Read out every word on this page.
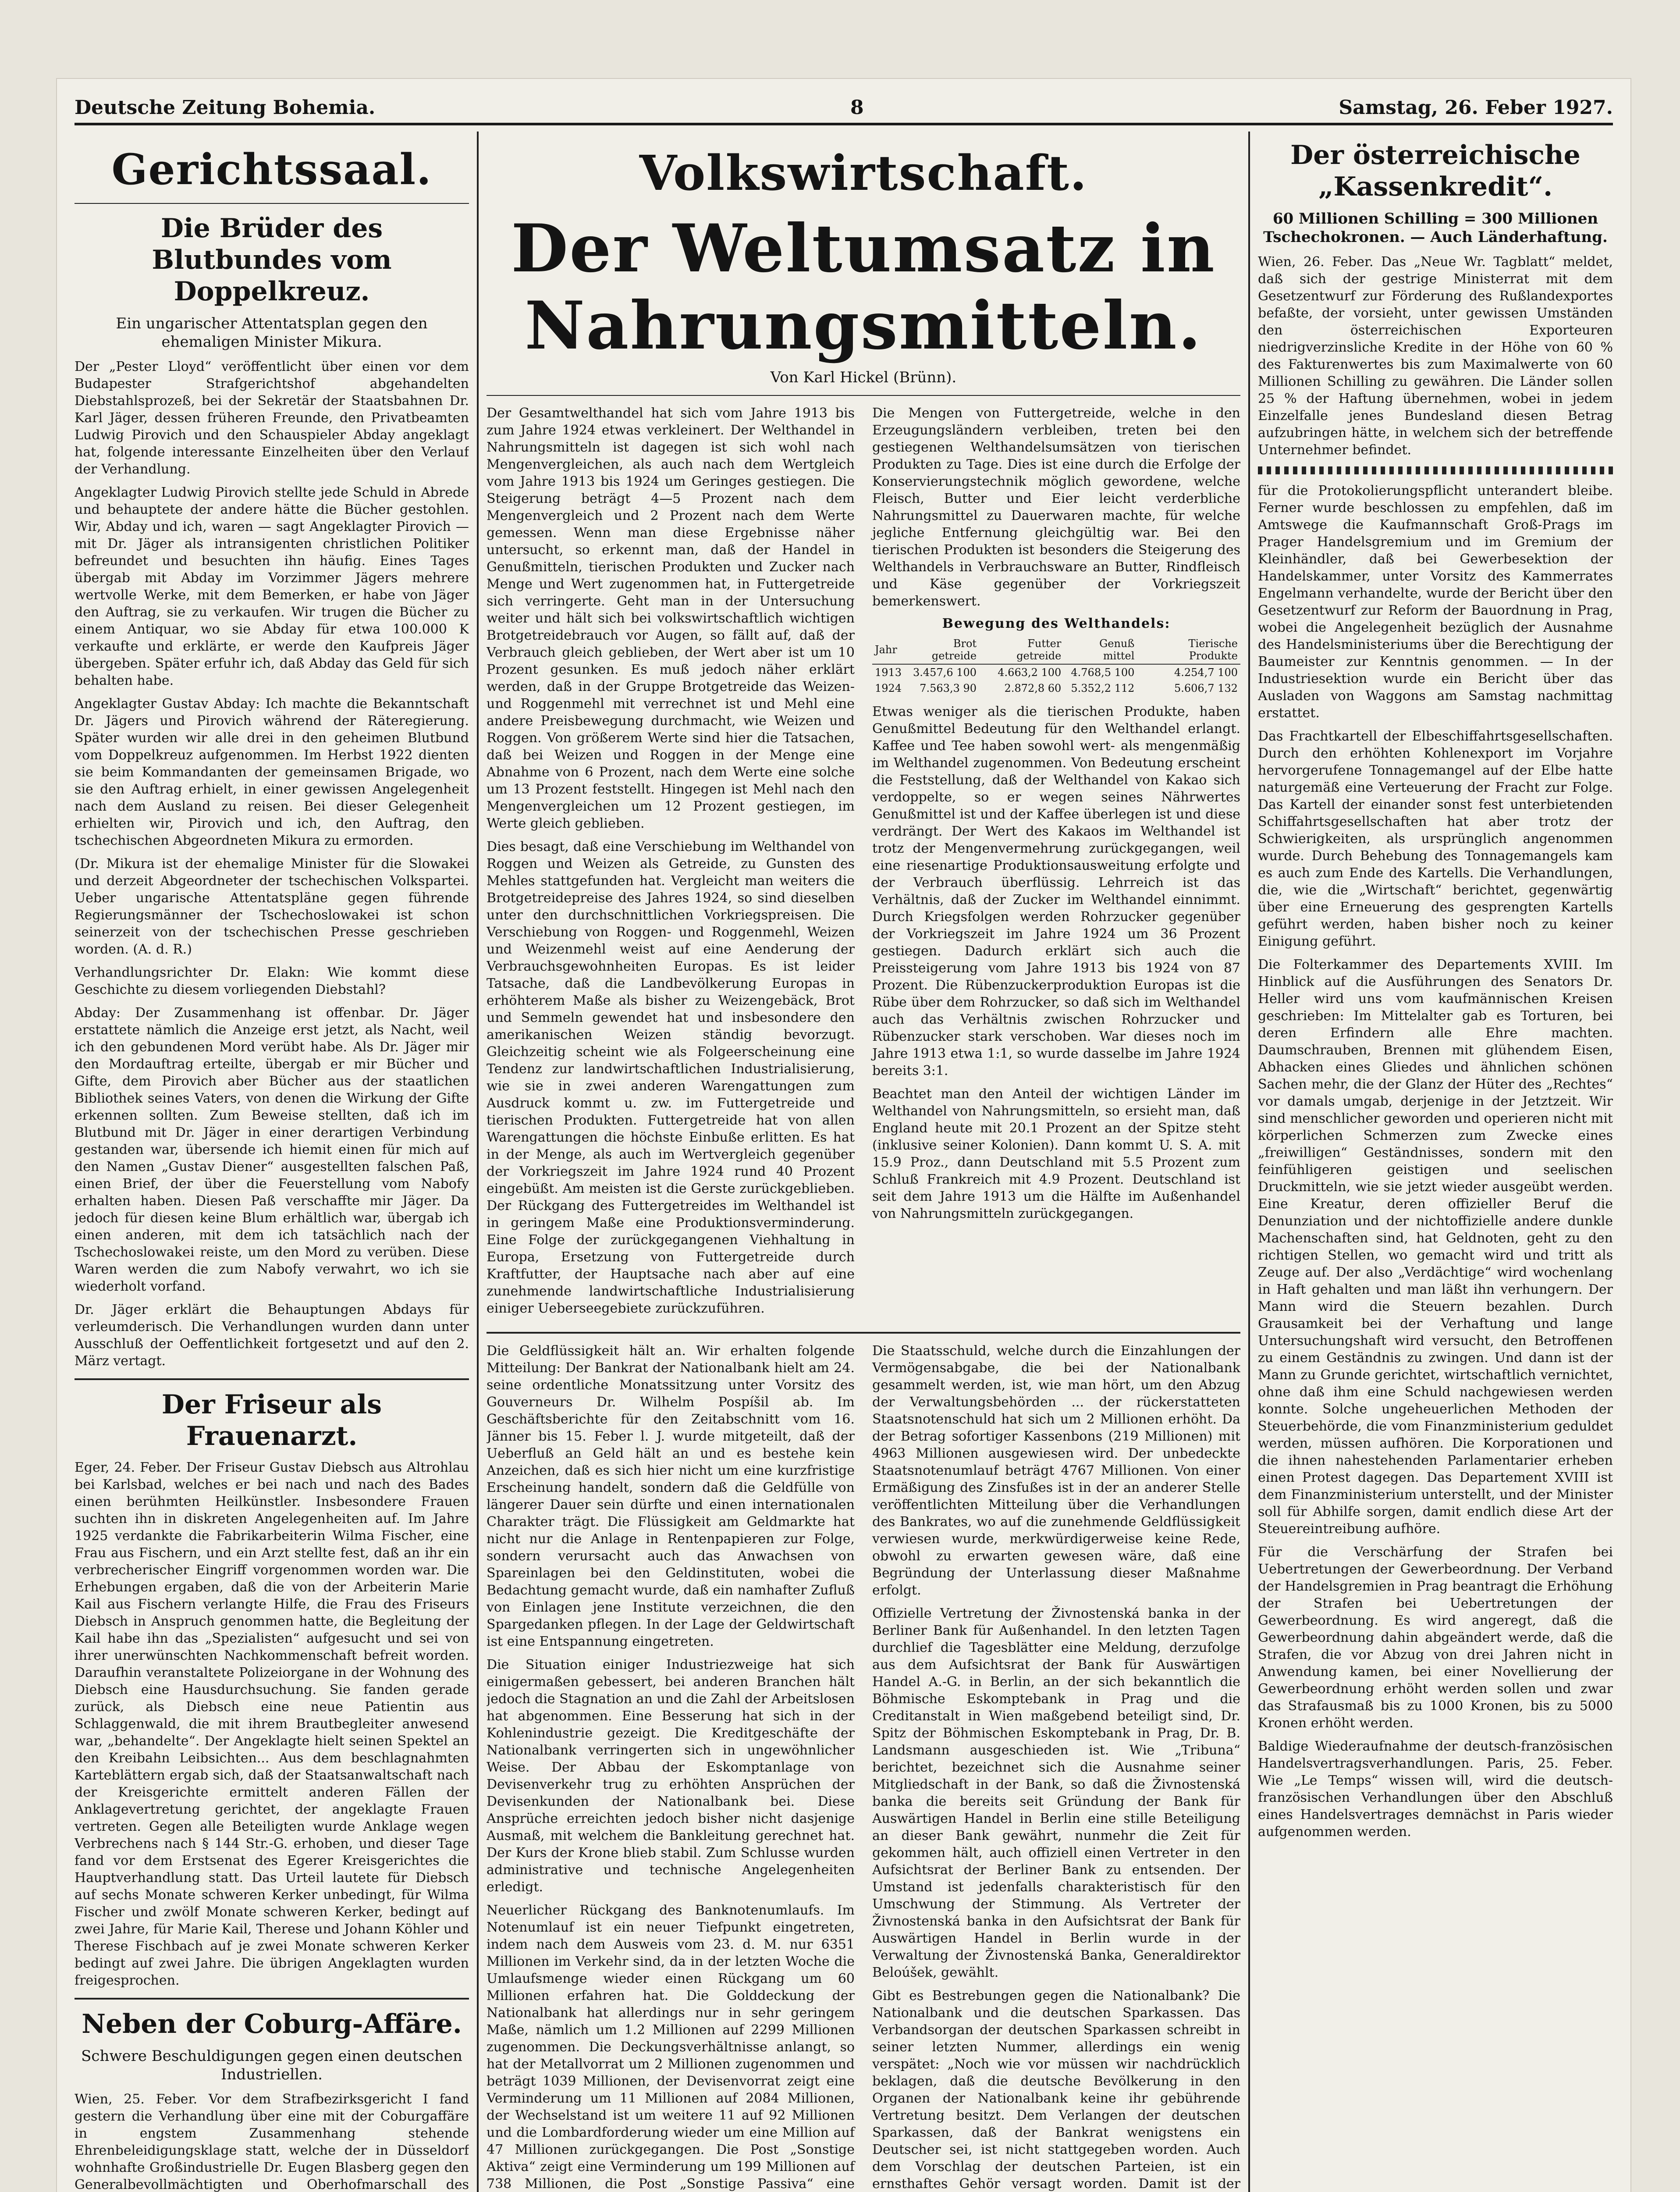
Deutsche Zeitung Bohemia.	8	Samstag, 26. Feber 1927.
Gerichtssaal.
Die Brüder des Blutbundes vom Doppelkreuz.
Ein ungarischer Attentatsplan gegen den ehemaligen Minister Mikura.

Der „Pester Lloyd“ veröffentlicht über einen vor dem Budapester Strafgerichtshof abgehandelten Diebstahlsprozeß, bei der Sekretär der Staatsbahnen Dr. Karl Jäger, dessen früheren Freunde, den Privatbeamten Ludwig Pirovich und den Schauspieler Abday angeklagt hat, folgende interessante Einzelheiten über den Verlauf der Verhandlung.

Angeklagter Ludwig Pirovich stellte jede Schuld in Abrede und behauptete der andere hätte die Bücher gestohlen. Wir, Abday und ich, waren — sagt Angeklagter Pirovich — mit Dr. Jäger als intransigenten christlichen Politiker befreundet und besuchten ihn häufig. Eines Tages übergab mit Abday im Vorzimmer Jägers mehrere wertvolle Werke, mit dem Bemerken, er habe von Jäger den Auftrag, sie zu verkaufen. Wir trugen die Bücher zu einem Antiquar, wo sie Abday für etwa 100.000 K verkaufte und erklärte, er werde den Kaufpreis Jäger übergeben. Später erfuhr ich, daß Abday das Geld für sich behalten habe.

Angeklagter Gustav Abday: Ich machte die Bekanntschaft Dr. Jägers und Pirovich während der Räteregierung. Später wurden wir alle drei in den geheimen Blutbund vom Doppelkreuz aufgenommen. Im Herbst 1922 dienten sie beim Kommandanten der gemeinsamen Brigade, wo sie den Auftrag erhielt, in einer gewissen Angelegenheit nach dem Ausland zu reisen. Bei dieser Gelegenheit erhielten wir, Pirovich und ich, den Auftrag, den tschechischen Abgeordneten Mikura zu ermorden.

(Dr. Mikura ist der ehemalige Minister für die Slowakei und derzeit Abgeordneter der tschechischen Volkspartei. Ueber ungarische Attentatspläne gegen führende Regierungsmänner der Tschechoslowakei ist schon seinerzeit von der tschechischen Presse geschrieben worden. (A. d. R.)

Verhandlungsrichter Dr. Elakn: Wie kommt diese Geschichte zu diesem vorliegenden Diebstahl?

Abday: Der Zusammenhang ist offenbar. Dr. Jäger erstattete nämlich die Anzeige erst jetzt, als Nacht, weil ich den gebundenen Mord verübt habe. Als Dr. Jäger mir den Mordauftrag erteilte, übergab er mir Bücher und Gifte, dem Pirovich aber Bücher aus der staatlichen Bibliothek seines Vaters, von denen die Wirkung der Gifte erkennen sollten. Zum Beweise stellten, daß ich im Blutbund mit Dr. Jäger in einer derartigen Verbindung gestanden war, übersende ich hiemit einen für mich auf den Namen „Gustav Diener“ ausgestellten falschen Paß, einen Brief, der über die Feuerstellung vom Nabofy erhalten haben. Diesen Paß verschaffte mir Jäger. Da jedoch für diesen keine Blum erhältlich war, übergab ich einen anderen, mit dem ich tatsächlich nach der Tschechoslowakei reiste, um den Mord zu verüben. Diese Waren werden die zum Nabofy verwahrt, wo ich sie wiederholt vorfand.

Dr. Jäger erklärt die Behauptungen Abdays für verleumderisch. Die Verhandlungen wurden dann unter Ausschluß der Oeffentlichkeit fortgesetzt und auf den 2. März vertagt.

Der Friseur als Frauenarzt.

Eger, 24. Feber. Der Friseur Gustav Diebsch aus Altrohlau bei Karlsbad, welches er bei nach und nach des Bades einen berühmten Heilkünstler. Insbesondere Frauen suchten ihn in diskreten Angelegenheiten auf. Im Jahre 1925 verdankte die Fabrikarbeiterin Wilma Fischer, eine Frau aus Fischern, und ein Arzt stellte fest, daß an ihr ein verbrecherischer Eingriff vorgenommen worden war. Die Erhebungen ergaben, daß die von der Arbeiterin Marie Kail aus Fischern verlangte Hilfe, die Frau des Friseurs Diebsch in Anspruch genommen hatte, die Begleitung der Kail habe ihn das „Spezialisten“ aufgesucht und sei von ihrer unerwünschten Nachkommenschaft befreit worden. Daraufhin veranstaltete Polizeiorgane in der Wohnung des Diebsch eine Hausdurchsuchung. Sie fanden gerade zurück, als Diebsch eine neue Patientin aus Schlaggenwald, die mit ihrem Brautbegleiter anwesend war, „behandelte“. Der Angeklagte hielt seinen Spektel an den Kreibahn Leibsichten... Aus dem beschlagnahmten Karteblättern ergab sich, daß der Staatsanwaltschaft nach der Kreisgerichte ermittelt anderen Fällen der Anklagevertretung gerichtet, der angeklagte Frauen vertreten. Gegen alle Beteiligten wurde Anklage wegen Verbrechens nach § 144 Str.-G. erhoben, und dieser Tage fand vor dem Erstsenat des Egerer Kreisgerichtes die Hauptverhandlung statt. Das Urteil lautete für Diebsch auf sechs Monate schweren Kerker unbedingt, für Wilma Fischer und zwölf Monate schweren Kerker, bedingt auf zwei Jahre, für Marie Kail, Therese und Johann Köhler und Therese Fischbach auf je zwei Monate schweren Kerker bedingt auf zwei Jahre. Die übrigen Angeklagten wurden freigesprochen.

Neben der Coburg-Affäre.
Schwere Beschuldigungen gegen einen deutschen Industriellen.

Wien, 25. Feber. Vor dem Strafbezirksgericht I fand gestern die Verhandlung über eine mit der Coburgaffäre in engstem Zusammenhang stehende Ehrenbeleidigungsklage statt, welche der in Düsseldorf wohnhafte Großindustrielle Dr. Eugen Blasberg gegen den Generalbevollmächtigten und Oberhofmarschall des

Volkswirtschaft.
Der Weltumsatz in Nahrungsmitteln.
Von Karl Hickel (Brünn).

Der Gesamtwelthandel hat sich vom Jahre 1913 bis zum Jahre 1924 etwas verkleinert. Der Welthandel in Nahrungsmitteln ist dagegen ist sich wohl nach Mengenvergleichen, als auch nach dem Wertgleich vom Jahre 1913 bis 1924 um Geringes gestiegen. Die Steigerung beträgt 4—5 Prozent nach dem Mengenvergleich und 2 Prozent nach dem Werte gemessen. Wenn man diese Ergebnisse näher untersucht, so erkennt man, daß der Handel in Genußmitteln, tierischen Produkten und Zucker nach Menge und Wert zugenommen hat, in Futtergetreide sich verringerte. Geht man in der Untersuchung weiter und hält sich bei volkswirtschaftlich wichtigen Brotgetreidebrauch vor Augen, so fällt auf, daß der Verbrauch gleich geblieben, der Wert aber ist um 10 Prozent gesunken. Es muß jedoch näher erklärt werden, daß in der Gruppe Brotgetreide das Weizen- und Roggenmehl mit verrechnet ist und Mehl eine andere Preisbewegung durchmacht, wie Weizen und Roggen. Von größerem Werte sind hier die Tatsachen, daß bei Weizen und Roggen in der Menge eine Abnahme von 6 Prozent, nach dem Werte eine solche um 13 Prozent feststellt. Hingegen ist Mehl nach den Mengenvergleichen um 12 Prozent gestiegen, im Werte gleich geblieben.

Dies besagt, daß eine Verschiebung im Welthandel von Roggen und Weizen als Getreide, zu Gunsten des Mehles stattgefunden hat. Vergleicht man weiters die Brotgetreidepreise des Jahres 1924, so sind dieselben unter den durchschnittlichen Vorkriegspreisen. Die Verschiebung von Roggen- und Roggenmehl, Weizen und Weizenmehl weist auf eine Aenderung der Verbrauchsgewohnheiten Europas. Es ist leider Tatsache, daß die Landbevölkerung Europas in erhöhterem Maße als bisher zu Weizengebäck, Brot und Semmeln gewendet hat und insbesondere den amerikanischen Weizen ständig bevorzugt. Gleichzeitig scheint wie als Folgeerscheinung eine Tendenz zur landwirtschaftlichen Industrialisierung, wie sie in zwei anderen Warengattungen zum Ausdruck kommt u. zw. im Futtergetreide und tierischen Produkten. Futtergetreide hat von allen Warengattungen die höchste Einbuße erlitten. Es hat in der Menge, als auch im Wertvergleich gegenüber der Vorkriegszeit im Jahre 1924 rund 40 Prozent eingebüßt. Am meisten ist die Gerste zurückgeblieben. Der Rückgang des Futtergetreides im Welthandel ist in geringem Maße eine Produktionsverminderung. Eine Folge der zurückgegangenen Viehhaltung in Europa, Ersetzung von Futtergetreide durch Kraftfutter, der Hauptsache nach aber auf eine zunehmende landwirtschaftliche Industrialisierung einiger Ueberseegebiete zurückzuführen.

Die Mengen von Futtergetreide, welche in den Erzeugungsländern verbleiben, treten bei den gestiegenen Welthandelsumsätzen von tierischen Produkten zu Tage. Dies ist eine durch die Erfolge der Konservierungstechnik möglich gewordene, welche Fleisch, Butter und Eier leicht verderbliche Nahrungsmittel zu Dauerwaren machte, für welche jegliche Entfernung gleichgültig war. Bei den tierischen Produkten ist besonders die Steigerung des Welthandels in Verbrauchsware an Butter, Rindfleisch und Käse gegenüber der Vorkriegszeit bemerkenswert.

Bewegung des Welthandels:
Jahr	Brot getreide	Futter getreide	Genuß mittel	Tierische Produkte
1913	3.457,6 100	4.663,2 100	4.768,5 100	4.254,7 100
1924	7.563,3 90	2.872,8 60	5.352,2 112	5.606,7 132

Etwas weniger als die tierischen Produkte, haben Genußmittel Bedeutung für den Welthandel erlangt. Kaffee und Tee haben sowohl wert- als mengenmäßig im Welthandel zugenommen. Von Bedeutung erscheint die Feststellung, daß der Welthandel von Kakao sich verdoppelte, so er wegen seines Nährwertes Genußmittel ist und der Kaffee überlegen ist und diese verdrängt. Der Wert des Kakaos im Welthandel ist trotz der Mengenvermehrung zurückgegangen, weil eine riesenartige Produktionsausweitung erfolgte und der Verbrauch überflüssig. Lehrreich ist das Verhältnis, daß der Zucker im Welthandel einnimmt. Durch Kriegsfolgen werden Rohrzucker gegenüber der Vorkriegszeit im Jahre 1924 um 36 Prozent gestiegen. Dadurch erklärt sich auch die Preissteigerung vom Jahre 1913 bis 1924 von 87 Prozent. Die Rübenzuckerproduktion Europas ist die Rübe über dem Rohrzucker, so daß sich im Welthandel auch das Verhältnis zwischen Rohrzucker und Rübenzucker stark verschoben. War dieses noch im Jahre 1913 etwa 1:1, so wurde dasselbe im Jahre 1924 bereits 3:1.

Beachtet man den Anteil der wichtigen Länder im Welthandel von Nahrungsmitteln, so ersieht man, daß England heute mit 20.1 Prozent an der Spitze steht (inklusive seiner Kolonien). Dann kommt U. S. A. mit 15.9 Proz., dann Deutschland mit 5.5 Prozent zum Schluß Frankreich mit 4.9 Prozent. Deutschland ist seit dem Jahre 1913 um die Hälfte im Außenhandel von Nahrungsmitteln zurückgegangen.

Die Geldflüssigkeit hält an. Wir erhalten folgende Mitteilung: Der Bankrat der Nationalbank hielt am 24. seine ordentliche Monatssitzung unter Vorsitz des Gouverneurs Dr. Wilhelm Pospíšil ab. Im Geschäftsberichte für den Zeitabschnitt vom 16. Jänner bis 15. Feber l. J. wurde mitgeteilt, daß der Ueberfluß an Geld hält an und es bestehe kein Anzeichen, daß es sich hier nicht um eine kurzfristige Erscheinung handelt, sondern daß die Geldfülle von längerer Dauer sein dürfte und einen internationalen Charakter trägt. Die Flüssigkeit am Geldmarkte hat nicht nur die Anlage in Rentenpapieren zur Folge, sondern verursacht auch das Anwachsen von Spareinlagen bei den Geldinstituten, wobei die Bedachtung gemacht wurde, daß ein namhafter Zufluß von Einlagen jene Institute verzeichnen, die den Spargedanken pflegen. In der Lage der Geldwirtschaft ist eine Entspannung eingetreten.

Die Situation einiger Industriezweige hat sich einigermaßen gebessert, bei anderen Branchen hält jedoch die Stagnation an und die Zahl der Arbeitslosen hat abgenommen. Eine Besserung hat sich in der Kohlenindustrie gezeigt. Die Kreditgeschäfte der Nationalbank verringerten sich in ungewöhnlicher Weise. Der Abbau der Eskomptanlage von Devisenverkehr trug zu erhöhten Ansprüchen der Devisenkunden der Nationalbank bei. Diese Ansprüche erreichten jedoch bisher nicht dasjenige Ausmaß, mit welchem die Bankleitung gerechnet hat. Der Kurs der Krone blieb stabil. Zum Schlusse wurden administrative und technische Angelegenheiten erledigt.

Neuerlicher Rückgang des Banknotenumlaufs. Im Notenumlauf ist ein neuer Tiefpunkt eingetreten, indem nach dem Ausweis vom 23. d. M. nur 6351 Millionen im Verkehr sind, da in der letzten Woche die Umlaufsmenge wieder einen Rückgang um 60 Millionen erfahren hat. Die Golddeckung der Nationalbank hat allerdings nur in sehr geringem Maße, nämlich um 1.2 Millionen auf 2299 Millionen zugenommen. Die Deckungsverhältnisse anlangt, so hat der Metallvorrat um 2 Millionen zugenommen und beträgt 1039 Millionen, der Devisenvorrat zeigt eine Verminderung um 11 Millionen auf 2084 Millionen, der Wechselstand ist um weitere 11 auf 92 Millionen und die Lombardforderung wieder um eine Million auf 47 Millionen zurückgegangen. Die Post „Sonstige Aktiva“ zeigt eine Verminderung um 199 Millionen auf 738 Millionen, die Post „Sonstige Passiva“ eine

Die Staatsschuld, welche durch die Einzahlungen der Vermögensabgabe, die bei der Nationalbank gesammelt werden, ist, wie man hört, um den Abzug der Verwaltungsbehörden ... der rückerstatteten Staatsnotenschuld hat sich um 2 Millionen erhöht. Da der Betrag sofortiger Kassenbons (219 Millionen) mit 4963 Millionen ausgewiesen wird. Der unbedeckte Staatsnotenumlauf beträgt 4767 Millionen. Von einer Ermäßigung des Zinsfußes ist in der an anderer Stelle veröffentlichten Mitteilung über die Verhandlungen des Bankrates, wo auf die zunehmende Geldflüssigkeit verwiesen wurde, merkwürdigerweise keine Rede, obwohl zu erwarten gewesen wäre, daß eine Begründung der Unterlassung dieser Maßnahme erfolgt.

Offizielle Vertretung der Živnostenská banka in der Berliner Bank für Außenhandel. In den letzten Tagen durchlief die Tagesblätter eine Meldung, derzufolge aus dem Aufsichtsrat der Bank für Auswärtigen Handel A.-G. in Berlin, an der sich bekanntlich die Böhmische Eskomptebank in Prag und die Creditanstalt in Wien maßgebend beteiligt sind, Dr. Spitz der Böhmischen Eskomptebank in Prag, Dr. B. Landsmann ausgeschieden ist. Wie „Tribuna“ berichtet, bezeichnet sich die Ausnahme seiner Mitgliedschaft in der Bank, so daß die Živnostenská banka die bereits seit Gründung der Bank für Auswärtigen Handel in Berlin eine stille Beteiligung an dieser Bank gewährt, nunmehr die Zeit für gekommen hält, auch offiziell einen Vertreter in den Aufsichtsrat der Berliner Bank zu entsenden. Der Umstand ist jedenfalls charakteristisch für den Umschwung der Stimmung. Als Vertreter der Živnostenská banka in den Aufsichtsrat der Bank für Auswärtigen Handel in Berlin wurde in der Verwaltung der Živnostenská Banka, Generaldirektor Beloúšek, gewählt.

Gibt es Bestrebungen gegen die Nationalbank? Die Nationalbank und die deutschen Sparkassen. Das Verbandsorgan der deutschen Sparkassen schreibt in seiner letzten Nummer, allerdings ein wenig verspätet: „Noch wie vor müssen wir nachdrücklich beklagen, daß die deutsche Bevölkerung in den Organen der Nationalbank keine ihr gebührende Vertretung besitzt. Dem Verlangen der deutschen Sparkassen, daß der Bankrat wenigstens ein Deutscher sei, ist nicht stattgegeben worden. Auch dem Vorschlag der deutschen Parteien, ist ein ernsthaftes Gehör versagt worden. Damit ist der

Der österreichische „Kassenkredit“.
60 Millionen Schilling = 300 Millionen Tschechokronen. — Auch Länderhaftung.

Wien, 26. Feber. Das „Neue Wr. Tagblatt“ meldet, daß sich der gestrige Ministerrat mit dem Gesetzentwurf zur Förderung des Rußlandexportes befaßte, der vorsieht, unter gewissen Umständen den österreichischen Exporteuren niedrigverzinsliche Kredite in der Höhe von 60 % des Fakturenwertes bis zum Maximalwerte von 60 Millionen Schilling zu gewähren. Die Länder sollen 25 % der Haftung übernehmen, wobei in jedem Einzelfalle jenes Bundesland diesen Betrag aufzubringen hätte, in welchem sich der betreffende Unternehmer befindet.

für die Protokolierungspflicht unterandert bleibe. Ferner wurde beschlossen zu empfehlen, daß im Amtswege die Kaufmannschaft Groß-Prags im Prager Handelsgremium und im Gremium der Kleinhändler, daß bei Gewerbesektion der Handelskammer, unter Vorsitz des Kammerrates Engelmann verhandelte, wurde der Bericht über den Gesetzentwurf zur Reform der Bauordnung in Prag, wobei die Angelegenheit bezüglich der Ausnahme des Handelsministeriums über die Berechtigung der Baumeister zur Kenntnis genommen. — In der Industriesektion wurde ein Bericht über das Ausladen von Waggons am Samstag nachmittag erstattet.

Das Frachtkartell der Elbeschiffahrtsgesellschaften. Durch den erhöhten Kohlenexport im Vorjahre hervorgerufene Tonnagemangel auf der Elbe hatte naturgemäß eine Verteuerung der Fracht zur Folge. Das Kartell der einander sonst fest unterbietenden Schiffahrtsgesellschaften hat aber trotz der Schwierigkeiten, als ursprünglich angenommen wurde. Durch Behebung des Tonnagemangels kam es auch zum Ende des Kartells. Die Verhandlungen, die, wie die „Wirtschaft“ berichtet, gegenwärtig über eine Erneuerung des gesprengten Kartells geführt werden, haben bisher noch zu keiner Einigung geführt.

Die Folterkammer des Departements XVIII. Im Hinblick auf die Ausführungen des Senators Dr. Heller wird uns vom kaufmännischen Kreisen geschrieben: Im Mittelalter gab es Torturen, bei deren Erfindern alle Ehre machten. Daumschrauben, Brennen mit glühendem Eisen, Abhacken eines Gliedes und ähnlichen schönen Sachen mehr, die der Glanz der Hüter des „Rechtes“ vor damals umgab, derjenige in der Jetztzeit. Wir sind menschlicher geworden und operieren nicht mit körperlichen Schmerzen zum Zwecke eines „freiwilligen“ Geständnisses, sondern mit den feinfühligeren geistigen und seelischen Druckmitteln, wie sie jetzt wieder ausgeübt werden. Eine Kreatur, deren offizieller Beruf die Denunziation und der nichtoffizielle andere dunkle Machenschaften sind, hat Geldnoten, geht zu den richtigen Stellen, wo gemacht wird und tritt als Zeuge auf. Der also „Verdächtige“ wird wochenlang in Haft gehalten und man läßt ihn verhungern. Der Mann wird die Steuern bezahlen. Durch Grausamkeit bei der Verhaftung und lange Untersuchungshaft wird versucht, den Betroffenen zu einem Geständnis zu zwingen. Und dann ist der Mann zu Grunde gerichtet, wirtschaftlich vernichtet, ohne daß ihm eine Schuld nachgewiesen werden konnte. Solche ungeheuerlichen Methoden der Steuerbehörde, die vom Finanzministerium geduldet werden, müssen aufhören. Die Korporationen und die ihnen nahestehenden Parlamentarier erheben einen Protest dagegen. Das Departement XVIII ist dem Finanzministerium unterstellt, und der Minister soll für Abhilfe sorgen, damit endlich diese Art der Steuereintreibung aufhöre.

Für die Verschärfung der Strafen bei Uebertretungen der Gewerbeordnung. Der Verband der Handelsgremien in Prag beantragt die Erhöhung der Strafen bei Uebertretungen der Gewerbeordnung. Es wird angeregt, daß die Gewerbeordnung dahin abgeändert werde, daß die Strafen, die vor Abzug von drei Jahren nicht in Anwendung kamen, bei einer Novellierung der Gewerbeordnung erhöht werden sollen und zwar das Strafausmaß bis zu 1000 Kronen, bis zu 5000 Kronen erhöht werden.

Baldige Wiederaufnahme der deutsch-französischen Handelsvertragsverhandlungen. Paris, 25. Feber. Wie „Le Temps“ wissen will, wird die deutsch-französischen Verhandlungen über den Abschluß eines Handelsvertrages demnächst in Paris wieder aufgenommen werden.
